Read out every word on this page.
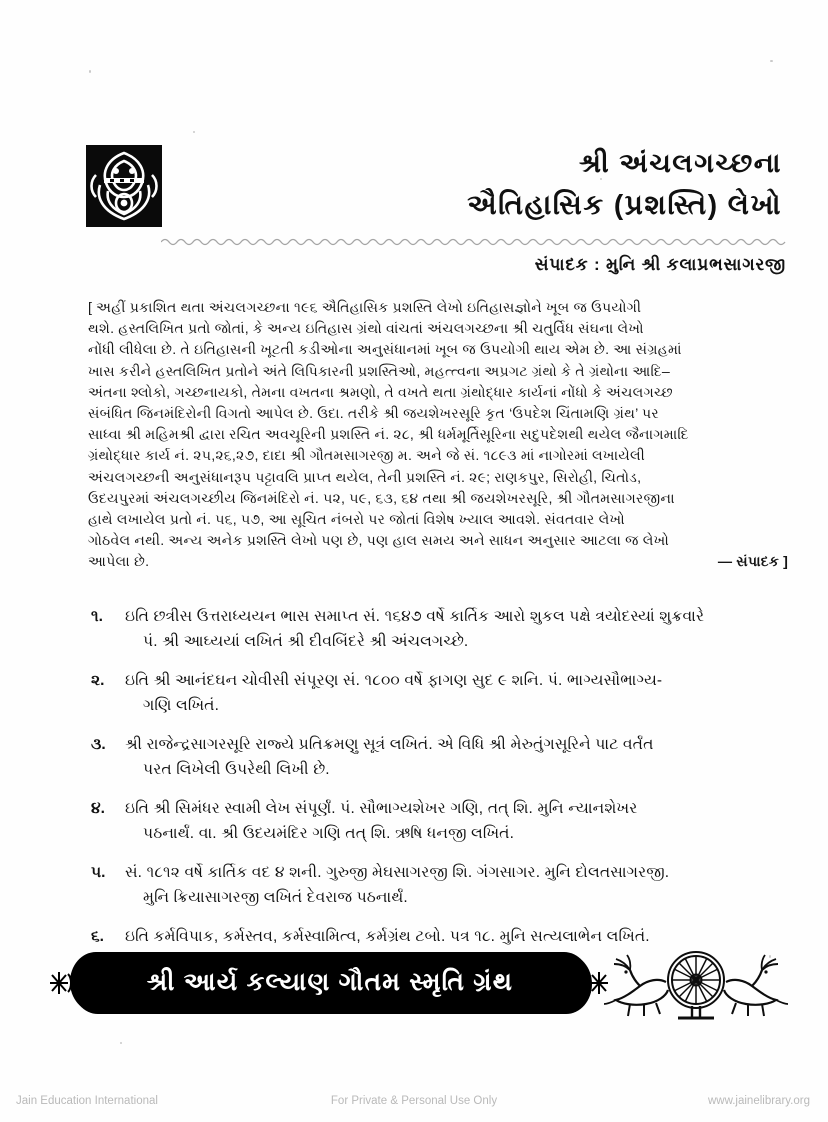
શ્રી અંચલગચ્છના
ઐતિહાસિક (પ્રશસ્તિ) લેખો
સંપાદક : મુનિ શ્રી કલાપ્રભસાગરજી
[ અહીં પ્રકાશિત થતા અંચલગચ્છના ૧૯૬ ઐતિહાસિક પ્રશસ્તિ લેખો ઇતિહાસજ્ઞોને ખૂબ જ ઉપયોગી
થશે. હસ્તલિખિત પ્રતો જોતાં, કે અન્ય ઇતિહાસ ગ્રંથો વાંચતાં અંચલગચ્છના શ્રી ચતુર્વિધ સંઘના લેખો
નોંધી લીધેલા છે. તે ઇતિહાસની ખૂટતી કડીઓના અનુસંધાનમાં ખૂબ જ ઉપયોગી થાય એમ છે. આ સંગ્રહમાં
ખાસ કરીને હસ્તલિખિત પ્રતોને અંતે લિપિકારની પ્રશસ્તિઓ, મહત્ત્વના અપ્રગટ ગ્રંથો કે તે ગ્રંથોના આદિ–
અંતના શ્લોકો, ગચ્છનાયકો, તેમના વખતના શ્રમણો, તે વખતે થતા ગ્રંથોદ્ધાર કાર્યનાં નોંધો કે અંચલગચ્છ
સંબંધિત જિનમંદિરોની વિગતો આપેલ છે. ઉદા. તરીકે શ્રી જયશેખરસૂરિ કૃત ‘ઉપદેશ ચિંતામણિ ગ્રંથ’ પર
સાધ્વા શ્રી મહિમશ્રી દ્વારા રચિત અવચૂરિની પ્રશસ્તિ નં. ૨૮, શ્રી ધર્મમૂર્તિસૂરિના સદુપદેશથી થયેલ જૈનાગમાદિ
ગ્રંથોદ્ધાર કાર્ય નં. ૨૫,૨૬,૨૭, દાદા શ્રી ગૌતમસાગરજી મ. અને જે સં. ૧૮૯૩ માં નાગોરમાં લખાયેલી
અંચલગચ્છની અનુસંધાનરૂપ પટ્ટાવલિ પ્રાપ્ત થયેલ, તેની પ્રશસ્તિ નં. ૨૯; રાણકપુર, સિરોહી, ચિતોડ,
ઉદયપુરમાં અંચલગચ્છીય જિનમંદિરો નં. ૫૨, ૫૯, ૬૩, ૬૪ તથા શ્રી જયશેખરસૂરિ, શ્રી ગૌતમસાગરજીના
હાથે લખાયેલ પ્રતો નં. ૫૬, ૫૭, આ સૂચિત નંબરો પર જોતાં વિશેષ ખ્યાલ આવશે. સંવતવાર લેખો
ગોઠવેલ નથી. અન્ય અનેક પ્રશસ્તિ લેખો પણ છે, પણ હાલ સમય અને સાધન અનુસાર આટલા જ લેખો
આપેલા છે.	— સંપાદક ]
૧.	ઇતિ છત્રીસ ઉત્તરાધ્યયન ભાસ સમાપ્ત સં. ૧૬૪૭ વર્ષે કાર્તિક આરો શુકલ પક્ષે ત્રયોદસ્યાં શુક્રવારે
પં. શ્રી આઘ્યયાં લખિતં શ્રી દીવબિંદરે શ્રી અંચલગચ્છે.
૨.	ઇતિ શ્રી આનંદઘન ચોવીસી સંપૂરણ સં. ૧૮૦૦ વર્ષે ફાગણ સુદ ૯ શનિ. પં. ભાગ્યસૌભાગ્ય-
ગણિ લખિતં.
૩.	શ્રી રાજેન્દ્રસાગરસૂરિ રાજ્યે પ્રતિક્રમણુ સૂત્રં લખિતં. એ વિધિ શ્રી મેરુતુંગસૂરિને પાટ વર્તંત
પરત લિખેલી ઉપરેથી લિખી છે.
૪.	ઇતિ શ્રી સિમંધર સ્વામી લેખ સંપૂર્ણં. પં. સૌભાગ્યશેખર ગણિ, તત્ શિ. મુનિ ન્યાનશેખર
પઠનાર્થં. વા. શ્રી ઉદયમંદિર ગણિ તત્ શિ. ઋષિ ધનજી લખિતં.
૫.	સં. ૧૮૧૨ વર્ષે કાર્તિક વદ ૪ શની. ગુરુજી મેઘસાગરજી શિ. ગંગસાગર. મુનિ દોલતસાગરજી.
મુનિ ક્રિયાસાગરજી લખિતં દેવરાજ પઠનાર્થં.
૬.	ઇતિ કર્મવિપાક, કર્મસ્તવ, કર્મસ્વામિત્વ, કર્મગ્રંથ ટબો. પત્ર ૧૮. મુનિ સત્યલાભેન લખિતં.
શ્રી આર્ય કલ્યાણ ગૌતમ સ્મૃતિ ગ્રંથ
For Private & Personal Use Only
Jain Education International	www.jainelibrary.org
